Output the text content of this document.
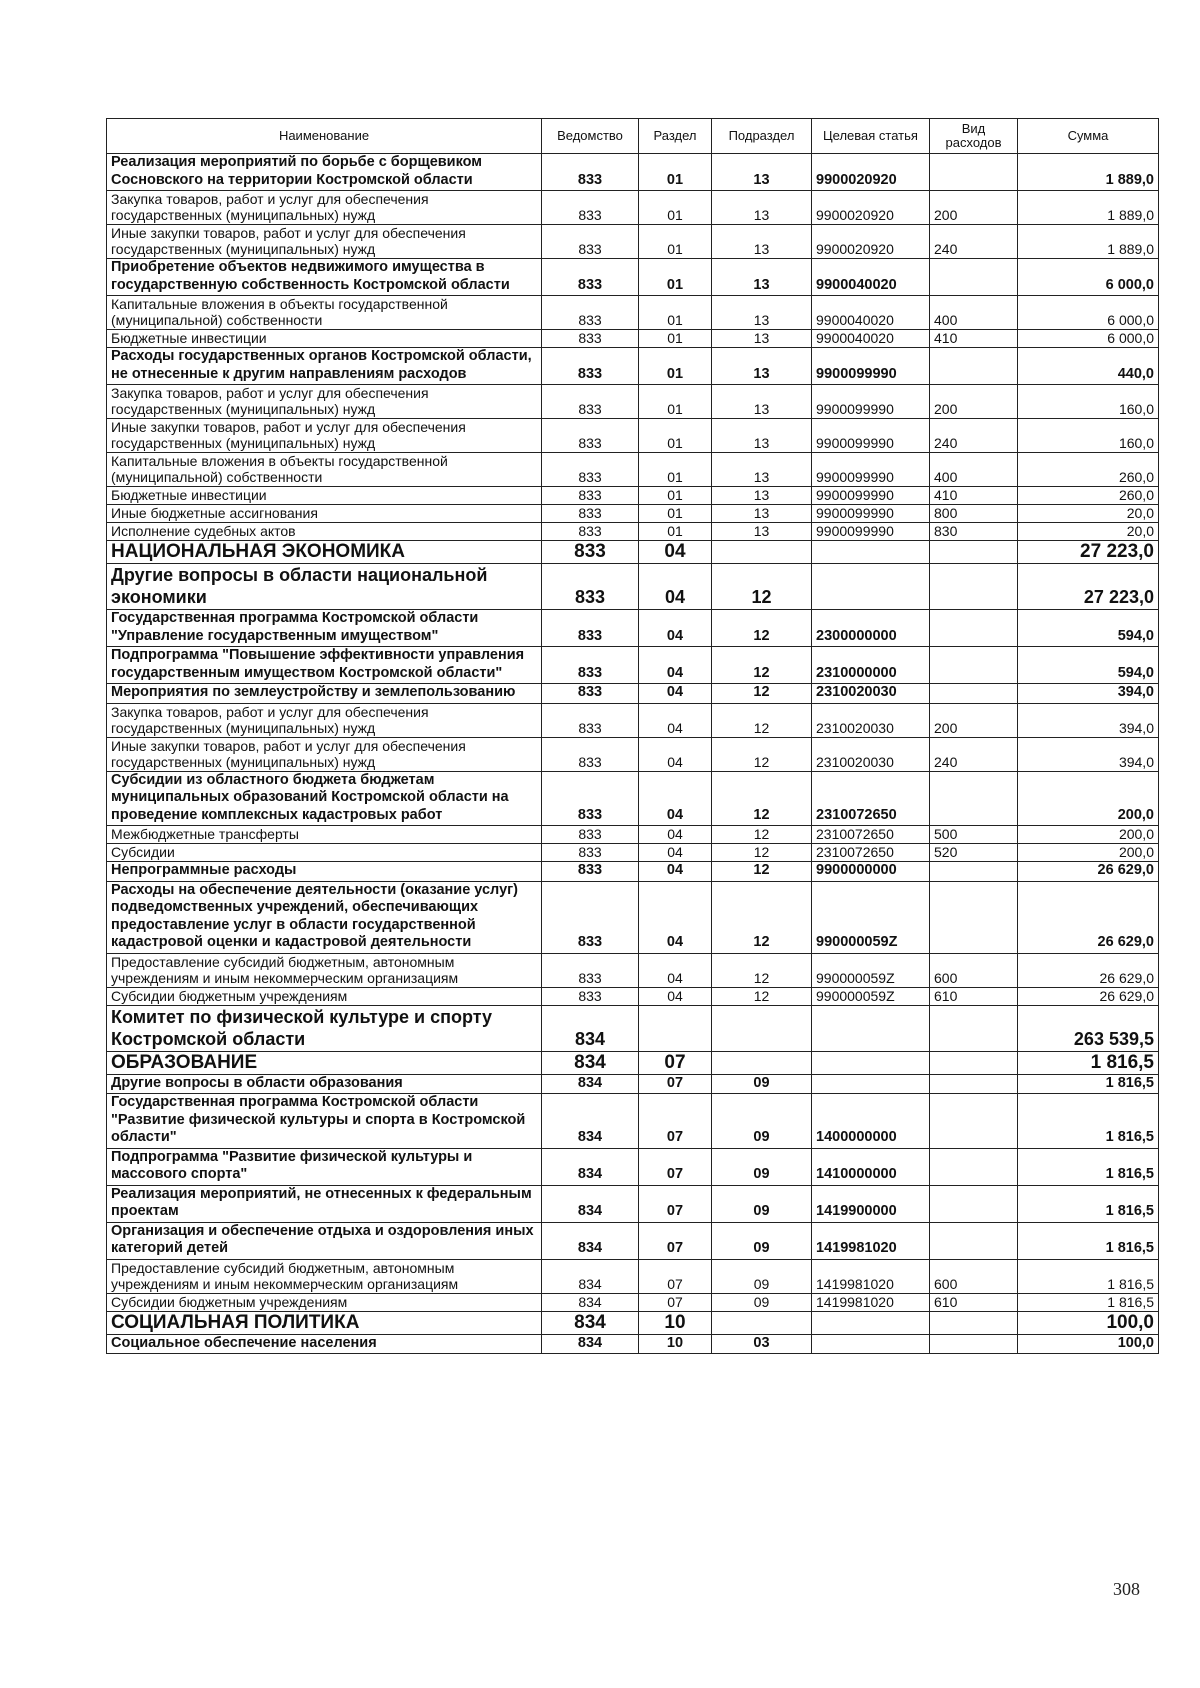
Наименование	Ведомство	Раздел	Подраздел	Целевая статья	Вид расходов	Сумма
Реализация мероприятий по борьбе с борщевиком Сосновского на территории Костромской области	833	01	13	9900020920		1 889,0
Закупка товаров, работ и услуг для обеспечения государственных (муниципальных) нужд	833	01	13	9900020920	200	1 889,0
Иные закупки товаров, работ и услуг для обеспечения государственных (муниципальных) нужд	833	01	13	9900020920	240	1 889,0
Приобретение объектов недвижимого имущества в государственную собственность Костромской области	833	01	13	9900040020		6 000,0
Капитальные вложения в объекты государственной (муниципальной) собственности	833	01	13	9900040020	400	6 000,0
Бюджетные инвестиции	833	01	13	9900040020	410	6 000,0
Расходы государственных органов Костромской области, не отнесенные к другим направлениям расходов	833	01	13	9900099990		440,0
Закупка товаров, работ и услуг для обеспечения государственных (муниципальных) нужд	833	01	13	9900099990	200	160,0
Иные закупки товаров, работ и услуг для обеспечения государственных (муниципальных) нужд	833	01	13	9900099990	240	160,0
Капитальные вложения в объекты государственной (муниципальной) собственности	833	01	13	9900099990	400	260,0
Бюджетные инвестиции	833	01	13	9900099990	410	260,0
Иные бюджетные ассигнования	833	01	13	9900099990	800	20,0
Исполнение судебных актов	833	01	13	9900099990	830	20,0
НАЦИОНАЛЬНАЯ ЭКОНОМИКА	833	04				27 223,0
Другие вопросы в области национальной экономики	833	04	12			27 223,0
Государственная программа Костромской области "Управление государственным имуществом"	833	04	12	2300000000		594,0
Подпрограмма "Повышение эффективности управления государственным имуществом Костромской области"	833	04	12	2310000000		594,0
Мероприятия по землеустройству и землепользованию	833	04	12	2310020030		394,0
Закупка товаров, работ и услуг для обеспечения государственных (муниципальных) нужд	833	04	12	2310020030	200	394,0
Иные закупки товаров, работ и услуг для обеспечения государственных (муниципальных) нужд	833	04	12	2310020030	240	394,0
Субсидии из областного бюджета бюджетам муниципальных образований Костромской области на проведение комплексных кадастровых работ	833	04	12	2310072650		200,0
Межбюджетные трансферты	833	04	12	2310072650	500	200,0
Субсидии	833	04	12	2310072650	520	200,0
Непрограммные расходы	833	04	12	9900000000		26 629,0
Расходы на обеспечение деятельности (оказание услуг) подведомственных учреждений, обеспечивающих предоставление услуг в области государственной кадастровой оценки и кадастровой деятельности	833	04	12	990000059Z		26 629,0
Предоставление субсидий бюджетным, автономным учреждениям и иным некоммерческим организациям	833	04	12	990000059Z	600	26 629,0
Субсидии бюджетным учреждениям	833	04	12	990000059Z	610	26 629,0
Комитет по физической культуре и спорту Костромской области	834					263 539,5
ОБРАЗОВАНИЕ	834	07				1 816,5
Другие вопросы в области образования	834	07	09			1 816,5
Государственная программа Костромской области "Развитие физической культуры и спорта в Костромской области"	834	07	09	1400000000		1 816,5
Подпрограмма "Развитие физической культуры и массового спорта"	834	07	09	1410000000		1 816,5
Реализация мероприятий, не отнесенных к федеральным проектам	834	07	09	1419900000		1 816,5
Организация и обеспечение отдыха и оздоровления иных категорий детей	834	07	09	1419981020		1 816,5
Предоставление субсидий бюджетным, автономным учреждениям и иным некоммерческим организациям	834	07	09	1419981020	600	1 816,5
Субсидии бюджетным учреждениям	834	07	09	1419981020	610	1 816,5
СОЦИАЛЬНАЯ ПОЛИТИКА	834	10				100,0
Социальное обеспечение населения	834	10	03			100,0
308
